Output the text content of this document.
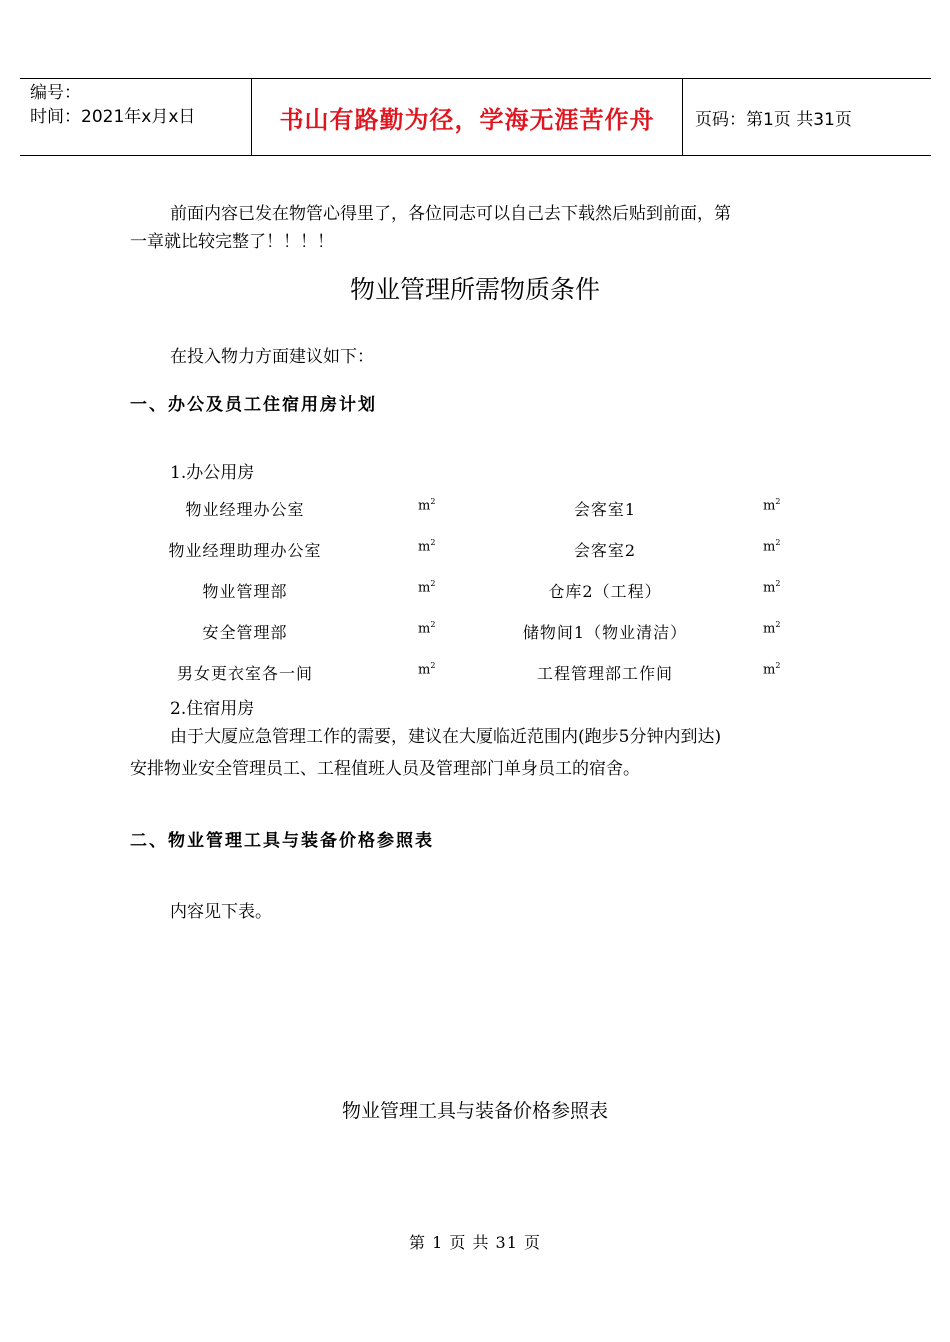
编号：
时间：2021年x月x日	书山有路勤为径，学海无涯苦作舟	页码：第1页 共31页
前面内容已发在物管心得里了，各位同志可以自己去下载然后贴到前面，第
一章就比较完整了！！！！
物业管理所需物质条件
在投入物力方面建议如下：
一、办公及员工住宿用房计划
1.办公用房
物业经理办公室	$m^2$	会客室1	$m^2$
物业经理助理办公室	$m^2$	会客室2	$m^2$
物业管理部	$m^2$	仓库2（工程）	$m^2$
安全管理部	$m^2$	储物间1（物业清洁）	$m^2$
男女更衣室各一间	$m^2$	工程管理部工作间	$m^2$
2.住宿用房
由于大厦应急管理工作的需要，建议在大厦临近范围内(跑步5分钟内到达)
安排物业安全管理员工、工程值班人员及管理部门单身员工的宿舍。
二、物业管理工具与装备价格参照表
内容见下表。
物业管理工具与装备价格参照表
第 1 页 共 31 页
